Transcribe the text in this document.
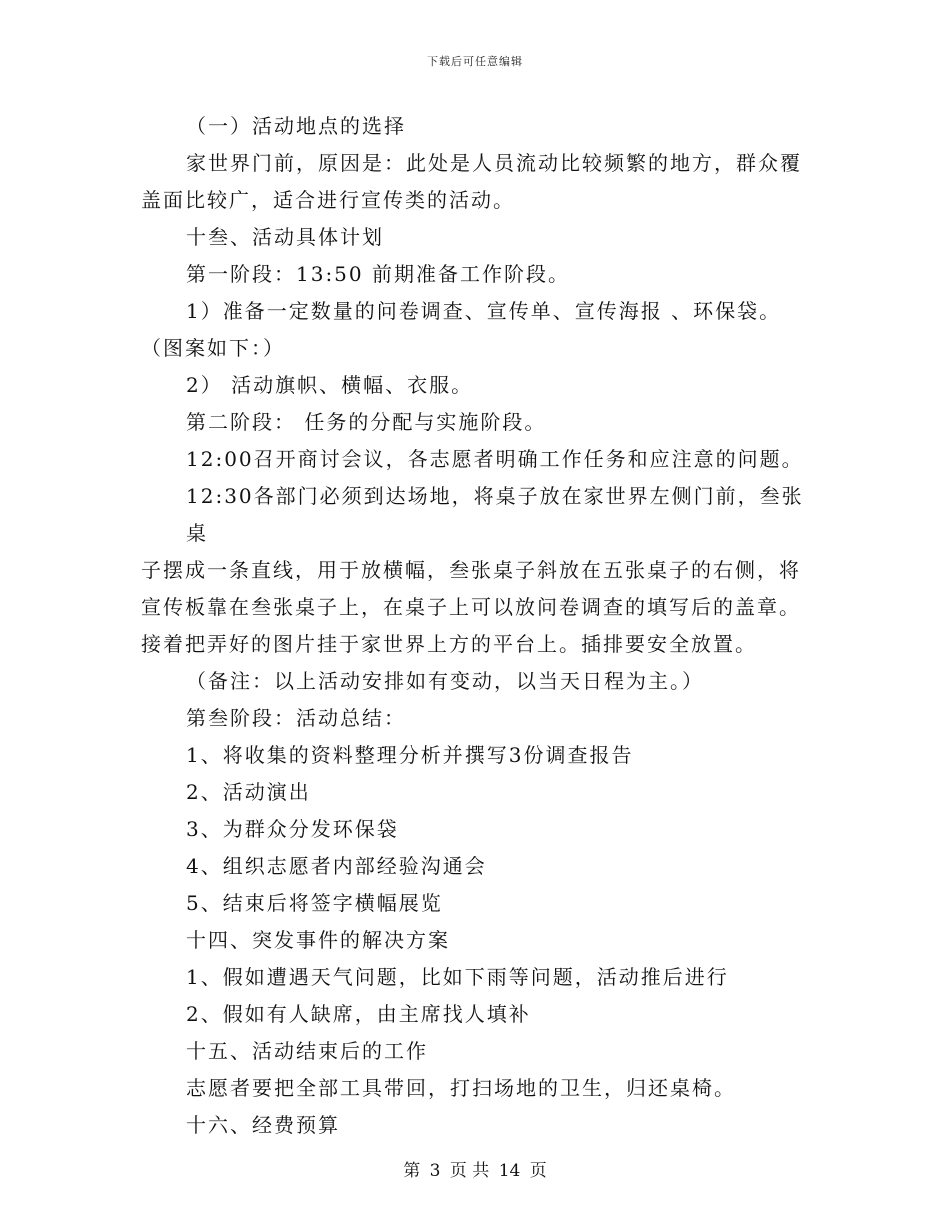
下载后可任意编辑

（一）活动地点的选择

家世界门前，原因是：此处是人员流动比较频繁的地方，群众覆

盖面比较广，适合进行宣传类的活动。

十叁、活动具体计划

第一阶段：13:50 前期准备工作阶段。

1）准备一定数量的问卷调查、宣传单、宣传海报 、环保袋。

（图案如下：）

2） 活动旗帜、横幅、衣服。

第二阶段： 任务的分配与实施阶段。

12:00召开商讨会议，各志愿者明确工作任务和应注意的问题。

12:30各部门必须到达场地，将桌子放在家世界左侧门前，叁张桌

子摆成一条直线，用于放横幅，叁张桌子斜放在五张桌子的右侧，将

宣传板靠在叁张桌子上，在桌子上可以放问卷调查的填写后的盖章。

接着把弄好的图片挂于家世界上方的平台上。插排要安全放置。

（备注：以上活动安排如有变动，以当天日程为主。）

第叁阶段：活动总结：

1、将收集的资料整理分析并撰写3份调查报告

2、活动演出

3、为群众分发环保袋

4、组织志愿者内部经验沟通会

5、结束后将签字横幅展览

十四、突发事件的解决方案

1、假如遭遇天气问题，比如下雨等问题，活动推后进行

2、假如有人缺席，由主席找人填补

十五、活动结束后的工作

志愿者要把全部工具带回，打扫场地的卫生，归还桌椅。

十六、经费预算

第 3 页 共 14 页
